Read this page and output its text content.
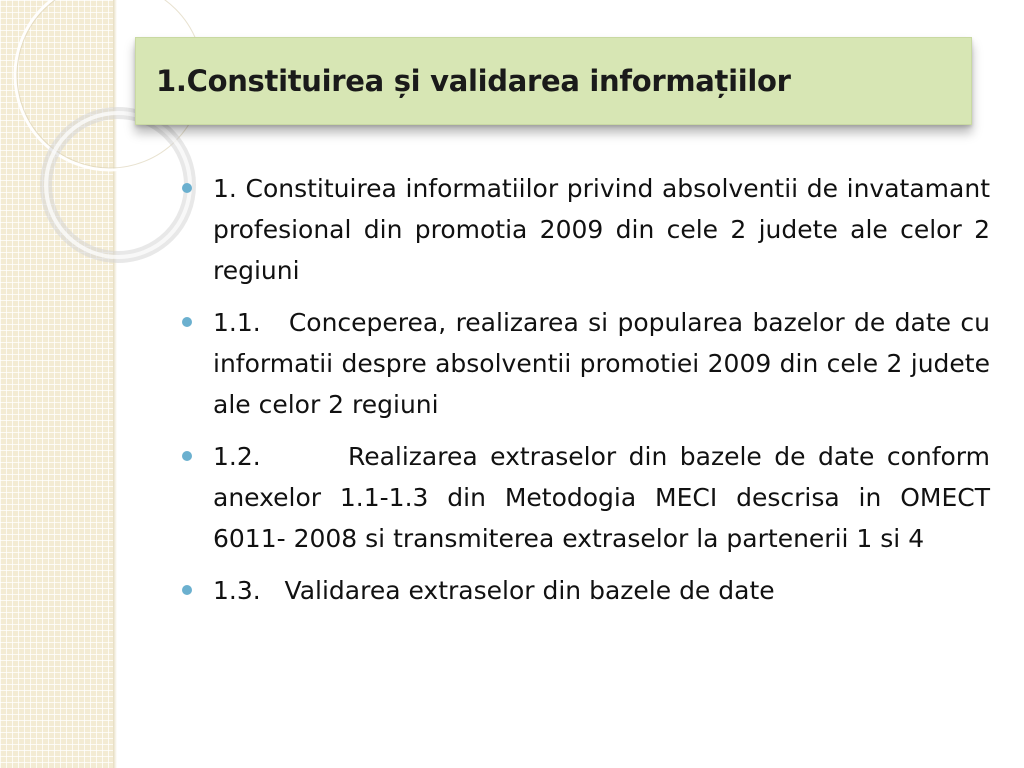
1.Constituirea și validarea informațiilor
1. Constituirea informatiilor privind absolventii de invatamant profesional din promotia 2009 din cele 2 judete ale celor 2 regiuni
1.1.   Conceperea, realizarea si popularea bazelor de date cu informatii despre absolventii promotiei 2009 din cele 2 judete ale celor 2 regiuni
1.2.       Realizarea extraselor din bazele de date conform anexelor 1.1-1.3 din Metodogia MECI descrisa in OMECT 6011- 2008 si transmiterea extraselor la partenerii 1 si 4
1.3.   Validarea extraselor din bazele de date
